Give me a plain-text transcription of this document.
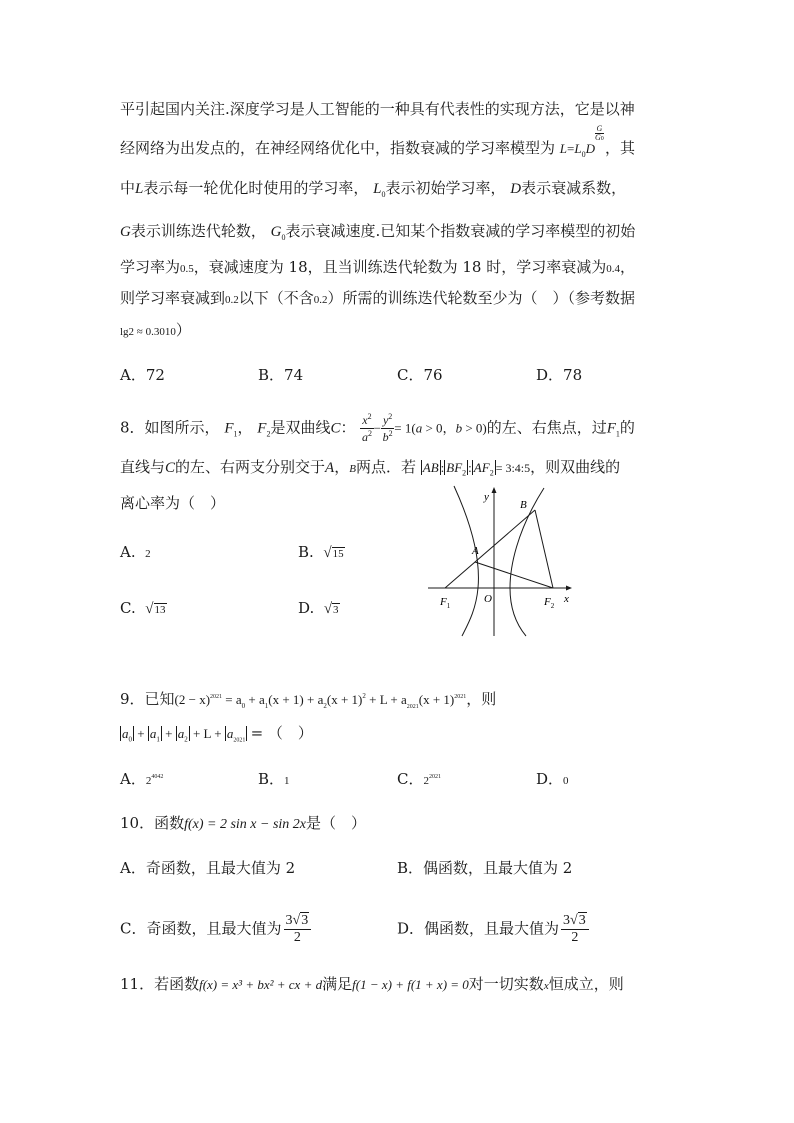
平引起国内关注.深度学习是人工智能的一种具有代表性的实现方法，它是以神
经网络为出发点的，在神经网络优化中，指数衰减的学习率模型为 $L=L_0D$
G
G0 ，其
中L表示每一轮优化时使用的学习率， $L_0$表示初始学习率， D表示衰减系数，
G表示训练迭代轮数， $G_0$表示衰减速度.已知某个指数衰减的学习率模型的初始
学习率为0.5，衰减速度为 18，且当训练迭代轮数为 18 时，学习率衰减为0.4，
则学习率衰减到0.2以下（不含0.2）所需的训练迭代轮数至少为（　）（参考数据
lg2 ≈ 0.3010）
A．72	B．74	C．76	D．78
8．如图所示， $F_1$， $F_2$是双曲线C： $\frac{x^2}{a^2} - \frac{y^2}{b^2} = 1(a > 0$，b > 0)的左、右焦点，过$F_1$的
直线与C的左、右两支分别交于A，B两点．若 AB : $BF_2$ : $AF_2$ = 3:4:5，则双曲线的
离心率为（　）
A. 2	B. √15
C. √13	D. √3
y
x
A
B
O
$F_1$	$F_2$
9．已知$(2 - x)^{2021} = a_0 + a_1(x + 1) + a_2(x + 1)^2 + L + a_{2021}(x + 1)^{2021}$，则
$a_0 + a_1 + a_2 + L + a_{2021}$ = （　）
A．$2^{4042}$	B．1	C．$2^{2021}$	D．0
10．函数f(x) = 2 sin x − sin 2x是（　）
A．奇函数，且最大值为 2	B．偶函数，且最大值为 2
C．奇函数，且最大值为 $\frac{3√3}{2}$	D．偶函数，且最大值为 $\frac{3√3}{2}$
11．若函数f(x) = x³ + bx² + cx + d满足f(1 − x) + f(1 + x) = 0对一切实数x恒成立，则
